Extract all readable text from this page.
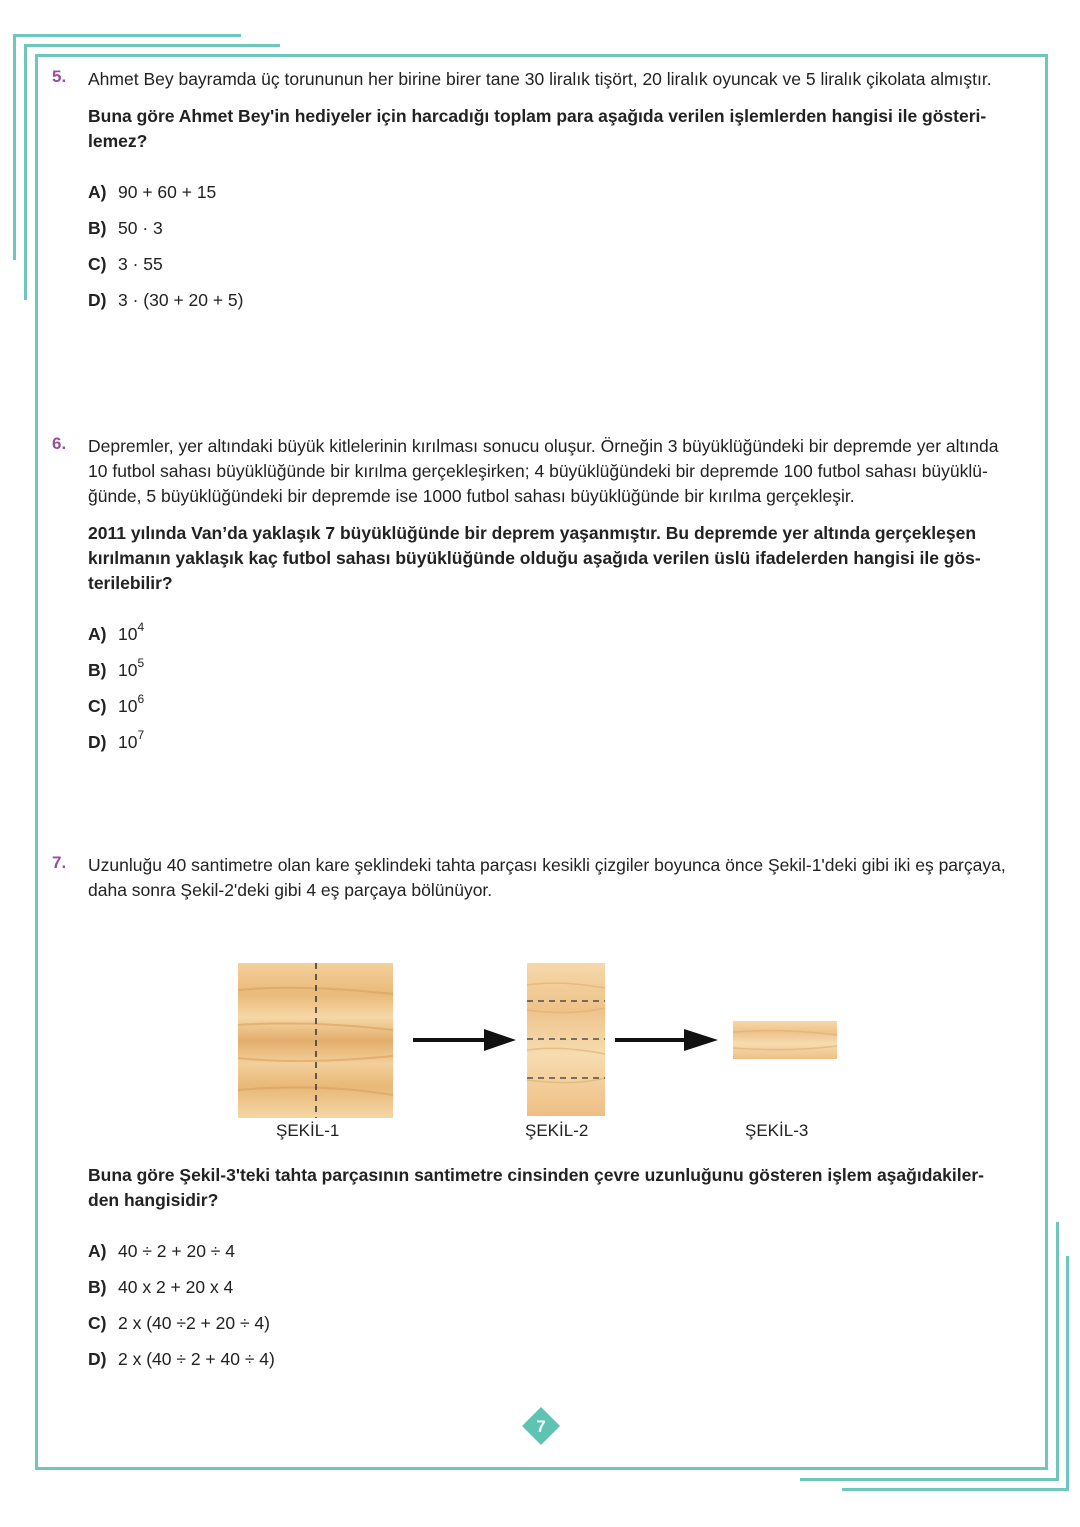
5. Ahmet Bey bayramda üç torununun her birine birer tane 30 liralık tişört, 20 liralık oyuncak ve 5 liralık çikolata almıştır.
Buna göre Ahmet Bey'in hediyeler için harcadığı toplam para aşağıda verilen işlemlerden hangisi ile gösteri-
lemez?
A) 90 + 60 + 15
B) 50 · 3
C) 3 · 55
D) 3 · (30 + 20 + 5)
6. Depremler, yer altındaki büyük kitlelerinin kırılması sonucu oluşur. Örneğin 3 büyüklüğündeki bir depremde yer altında
10 futbol sahası büyüklüğünde bir kırılma gerçekleşirken; 4 büyüklüğündeki bir depremde 100 futbol sahası büyüklü-
ğünde, 5 büyüklüğündeki bir depremde ise 1000 futbol sahası büyüklüğünde bir kırılma gerçekleşir.
2011 yılında Van’da yaklaşık 7 büyüklüğünde bir deprem yaşanmıştır. Bu depremde yer altında gerçekleşen
kırılmanın yaklaşık kaç futbol sahası büyüklüğünde olduğu aşağıda verilen üslü ifadelerden hangisi ile gös-
terilebilir?
A) $10^4$
B) $10^5$
C) $10^6$
D) $10^7$
7. Uzunluğu 40 santimetre olan kare şeklindeki tahta parçası kesikli çizgiler boyunca önce Şekil-1'deki gibi iki eş parçaya,
daha sonra Şekil-2'deki gibi 4 eş parçaya bölünüyor.
ŞEKİL-1	ŞEKİL-2	ŞEKİL-3
Buna göre Şekil-3'teki tahta parçasının santimetre cinsinden çevre uzunluğunu gösteren işlem aşağıdakiler-
den hangisidir?
A) 40 ÷ 2 + 20 ÷ 4
B) 40 x 2 + 20 x 4
C) 2 x (40 ÷2 + 20 ÷ 4)
D) 2 x (40 ÷ 2 + 40 ÷ 4)
7
